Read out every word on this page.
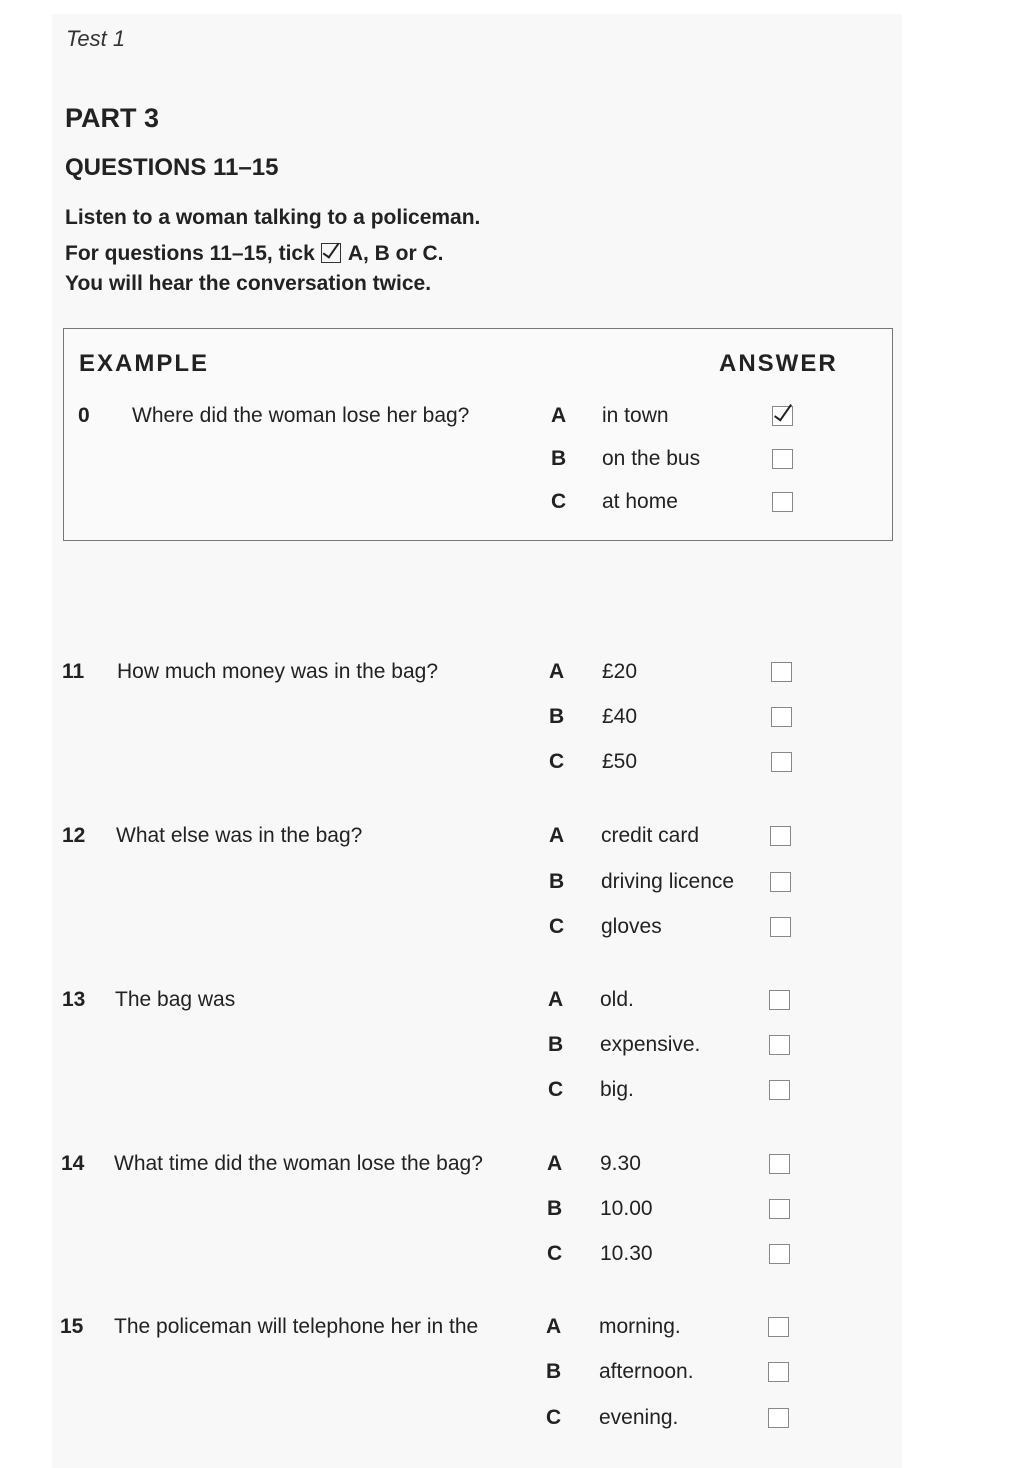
Test 1
PART 3
QUESTIONS 11–15
Listen to a woman talking to a policeman.
For questions 11–15, tick A, B or C.
You will hear the conversation twice.
EXAMPLE	ANSWER
0 Where did the woman lose her bag?	A in town
B on the bus
C at home
11 How much money was in the bag?	A £20
B £40
C £50
12 What else was in the bag?	A credit card
B driving licence
C gloves
13 The bag was	A old.
B expensive.
C big.
14 What time did the woman lose the bag?	A 9.30
B 10.00
C 10.30
15 The policeman will telephone her in the	A morning.
B afternoon.
C evening.
